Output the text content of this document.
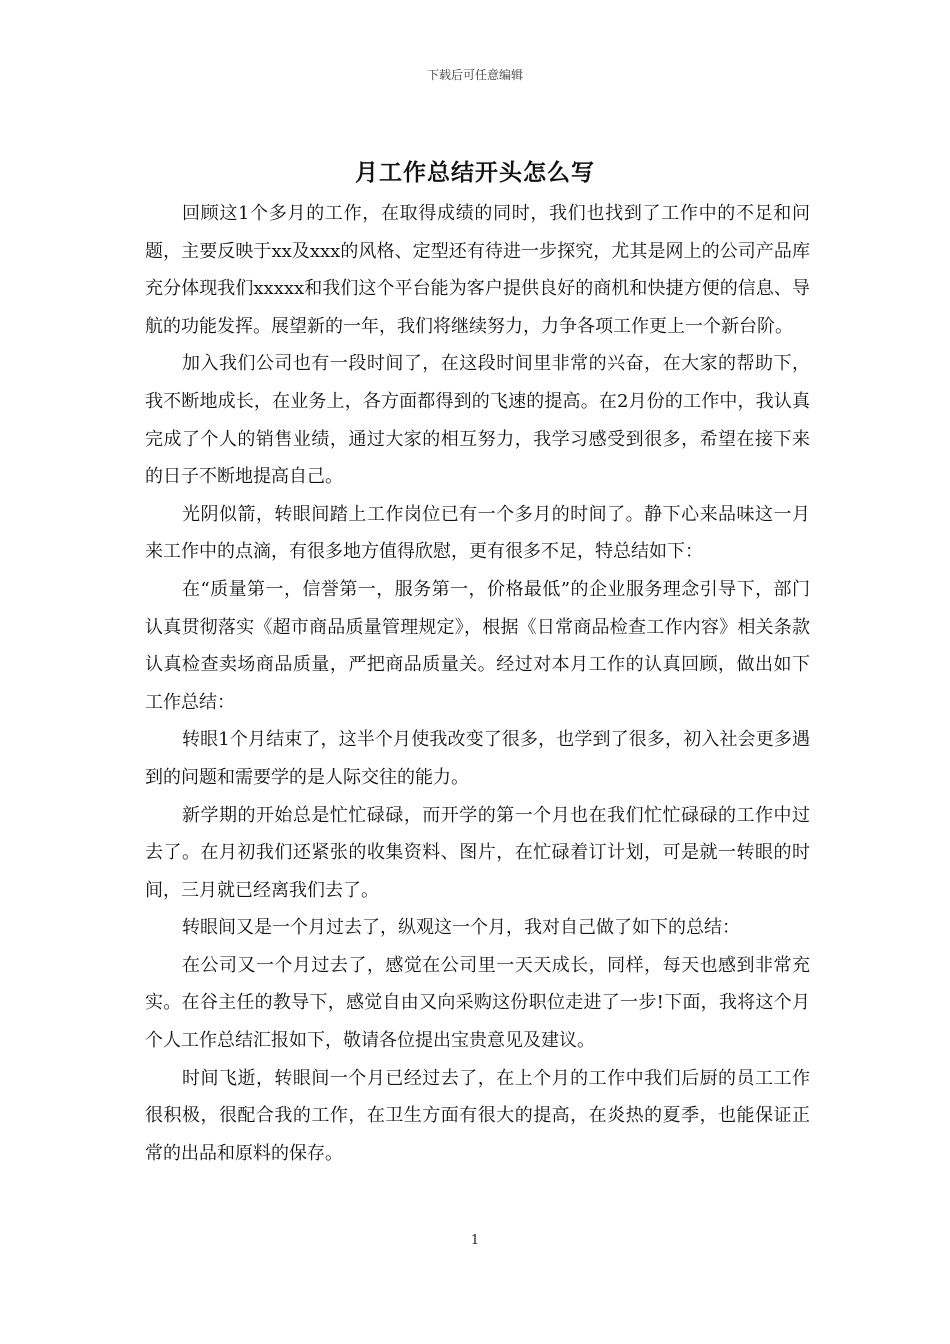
下载后可任意编辑
月工作总结开头怎么写

回顾这1个多月的工作，在取得成绩的同时，我们也找到了工作中的不足和问题，主要反映于xx及xxx的风格、定型还有待进一步探究，尤其是网上的公司产品库充分体现我们xxxxx和我们这个平台能为客户提供良好的商机和快捷方便的信息、导航的功能发挥。展望新的一年，我们将继续努力，力争各项工作更上一个新台阶。

加入我们公司也有一段时间了，在这段时间里非常的兴奋，在大家的帮助下，我不断地成长，在业务上，各方面都得到的飞速的提高。在2月份的工作中，我认真完成了个人的销售业绩，通过大家的相互努力，我学习感受到很多，希望在接下来的日子不断地提高自己。

光阴似箭，转眼间踏上工作岗位已有一个多月的时间了。静下心来品味这一月来工作中的点滴，有很多地方值得欣慰，更有很多不足，特总结如下：

在“质量第一，信誉第一，服务第一，价格最低”的企业服务理念引导下，部门认真贯彻落实《超市商品质量管理规定》，根据《日常商品检查工作内容》相关条款认真检查卖场商品质量，严把商品质量关。经过对本月工作的认真回顾，做出如下工作总结：

转眼1个月结束了，这半个月使我改变了很多，也学到了很多，初入社会更多遇到的问题和需要学的是人际交往的能力。

新学期的开始总是忙忙碌碌，而开学的第一个月也在我们忙忙碌碌的工作中过去了。在月初我们还紧张的收集资料、图片，在忙碌着订计划，可是就一转眼的时间，三月就已经离我们去了。

转眼间又是一个月过去了，纵观这一个月，我对自己做了如下的总结：

在公司又一个月过去了，感觉在公司里一天天成长，同样，每天也感到非常充实。在谷主任的教导下，感觉自由又向采购这份职位走进了一步!下面，我将这个月个人工作总结汇报如下，敬请各位提出宝贵意见及建议。

时间飞逝，转眼间一个月已经过去了，在上个月的工作中我们后厨的员工工作很积极，很配合我的工作，在卫生方面有很大的提高，在炎热的夏季，也能保证正常的出品和原料的保存。

1
